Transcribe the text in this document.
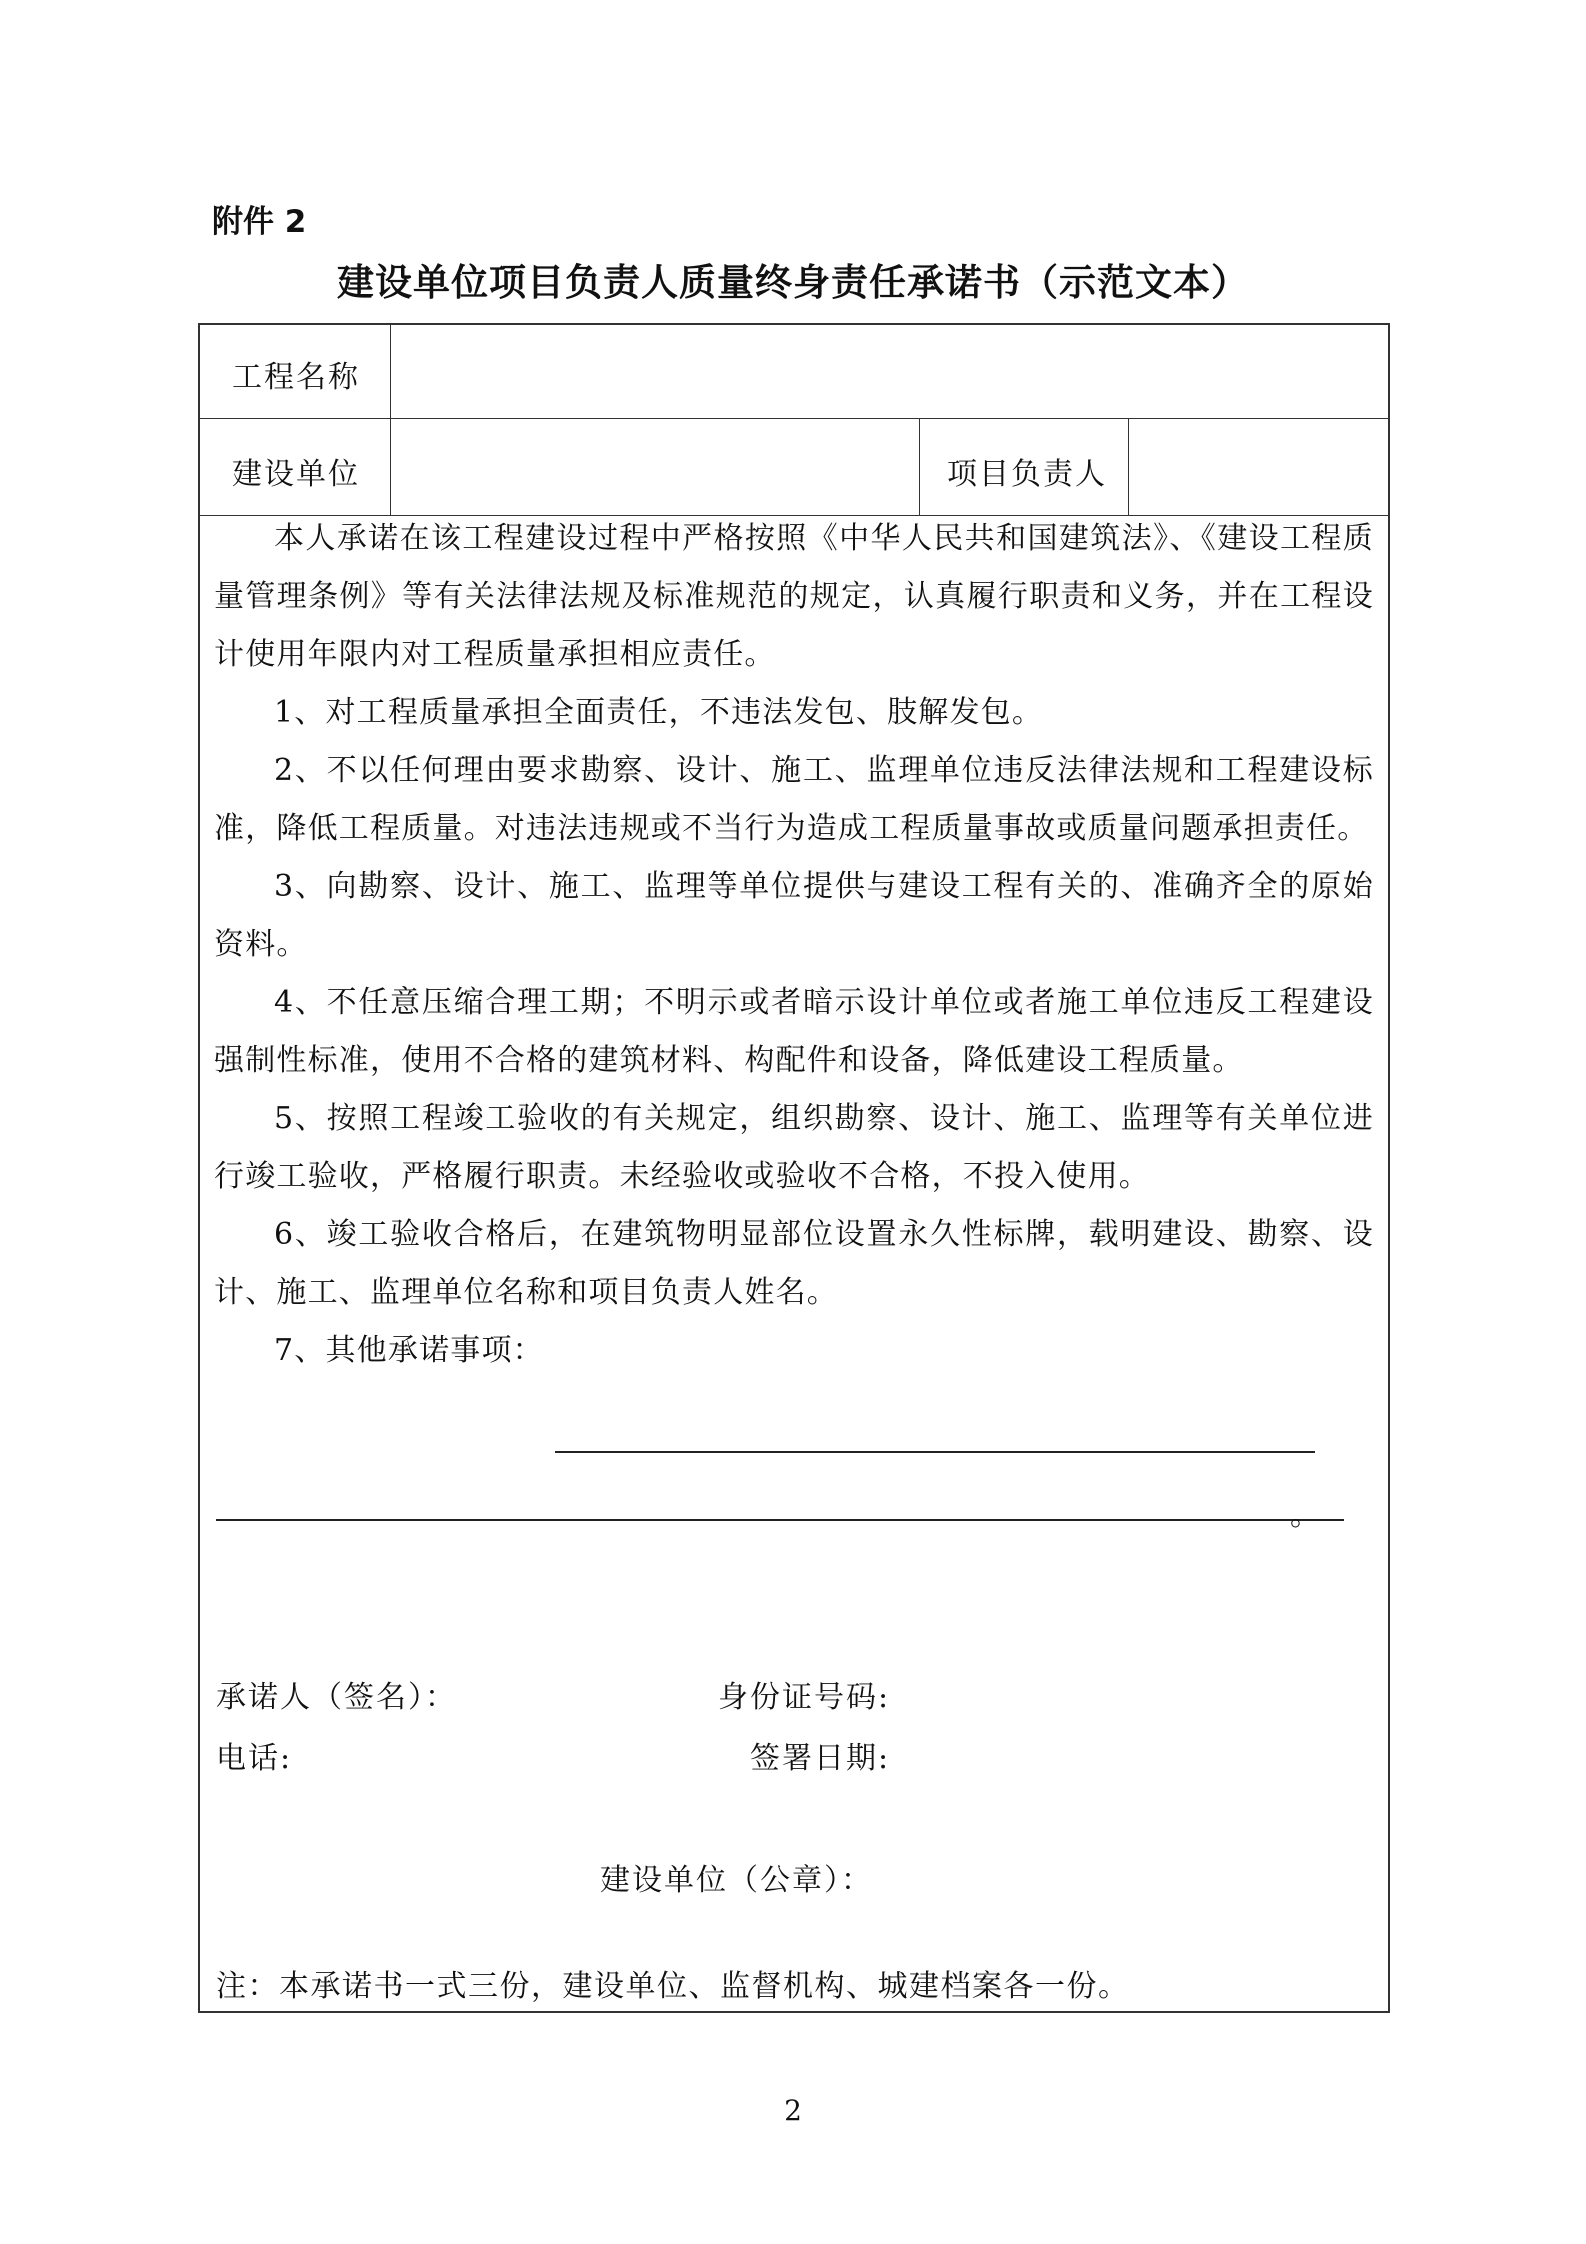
附件 2
建设单位项目负责人质量终身责任承诺书（示范文本）
工程名称
建设单位	项目负责人

本人承诺在该工程建设过程中严格按照《中华人民共和国建筑法》、《建设工程质量管理条例》等有关法律法规及标准规范的规定，认真履行职责和义务，并在工程设计使用年限内对工程质量承担相应责任。

1、对工程质量承担全面责任，不违法发包、肢解发包。

2、不以任何理由要求勘察、设计、施工、监理单位违反法律法规和工程建设标准，降低工程质量。对违法违规或不当行为造成工程质量事故或质量问题承担责任。

3、向勘察、设计、施工、监理等单位提供与建设工程有关的、准确齐全的原始资料。

4、不任意压缩合理工期；不明示或者暗示设计单位或者施工单位违反工程建设强制性标准，使用不合格的建筑材料、构配件和设备，降低建设工程质量。

5、按照工程竣工验收的有关规定，组织勘察、设计、施工、监理等有关单位进行竣工验收，严格履行职责。未经验收或验收不合格，不投入使用。

6、竣工验收合格后，在建筑物明显部位设置永久性标牌，载明建设、勘察、设计、施工、监理单位名称和项目负责人姓名。

7、其他承诺事项：

。
承诺人（签名）：	身份证号码:
电话:	签署日期:
建设单位（公章）：
注：本承诺书一式三份，建设单位、监督机构、城建档案各一份。
2
